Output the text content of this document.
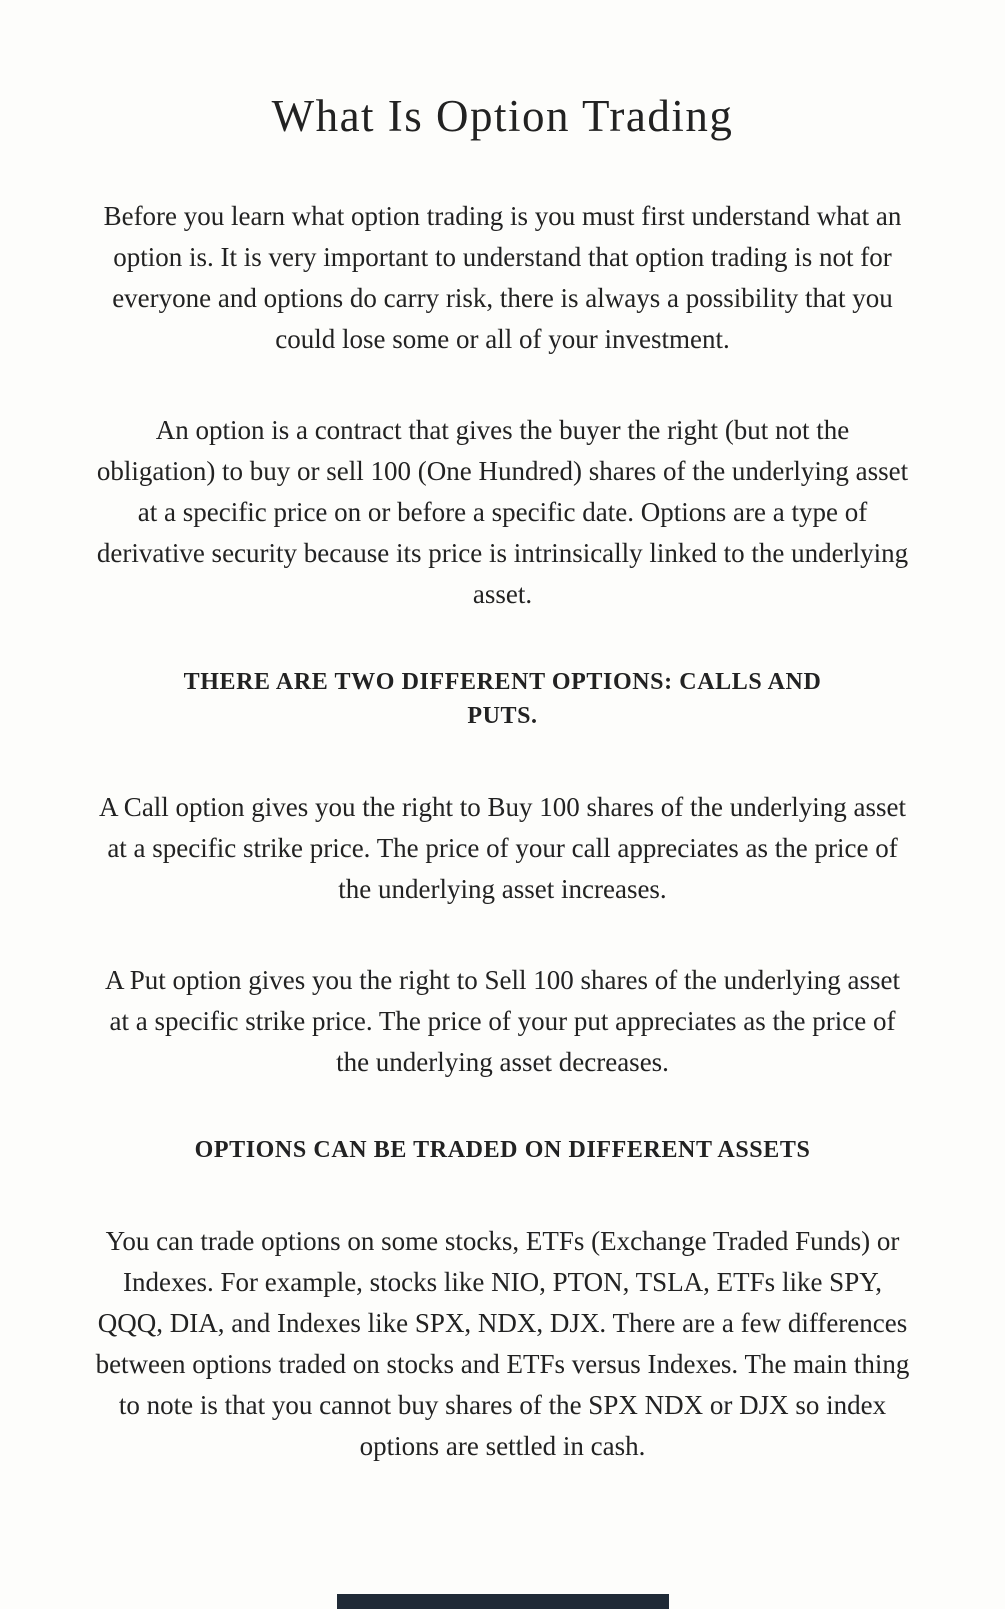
What Is Option Trading

Before you learn what option trading is you must first understand what an option is. It is very important to understand that option trading is not for everyone and options do carry risk, there is always a possibility that you could lose some or all of your investment.

An option is a contract that gives the buyer the right (but not the obligation) to buy or sell 100 (One Hundred) shares of the underlying asset at a specific price on or before a specific date. Options are a type of derivative security because its price is intrinsically linked to the underlying asset.

THERE ARE TWO DIFFERENT OPTIONS: CALLS AND PUTS.

A Call option gives you the right to Buy 100 shares of the underlying asset at a specific strike price. The price of your call appreciates as the price of the underlying asset increases.

A Put option gives you the right to Sell 100 shares of the underlying asset at a specific strike price. The price of your put appreciates as the price of the underlying asset decreases.

OPTIONS CAN BE TRADED ON DIFFERENT ASSETS

You can trade options on some stocks, ETFs (Exchange Traded Funds) or Indexes. For example, stocks like NIO, PTON, TSLA, ETFs like SPY, QQQ, DIA, and Indexes like SPX, NDX, DJX. There are a few differences between options traded on stocks and ETFs versus Indexes. The main thing to note is that you cannot buy shares of the SPX NDX or DJX so index options are settled in cash.
